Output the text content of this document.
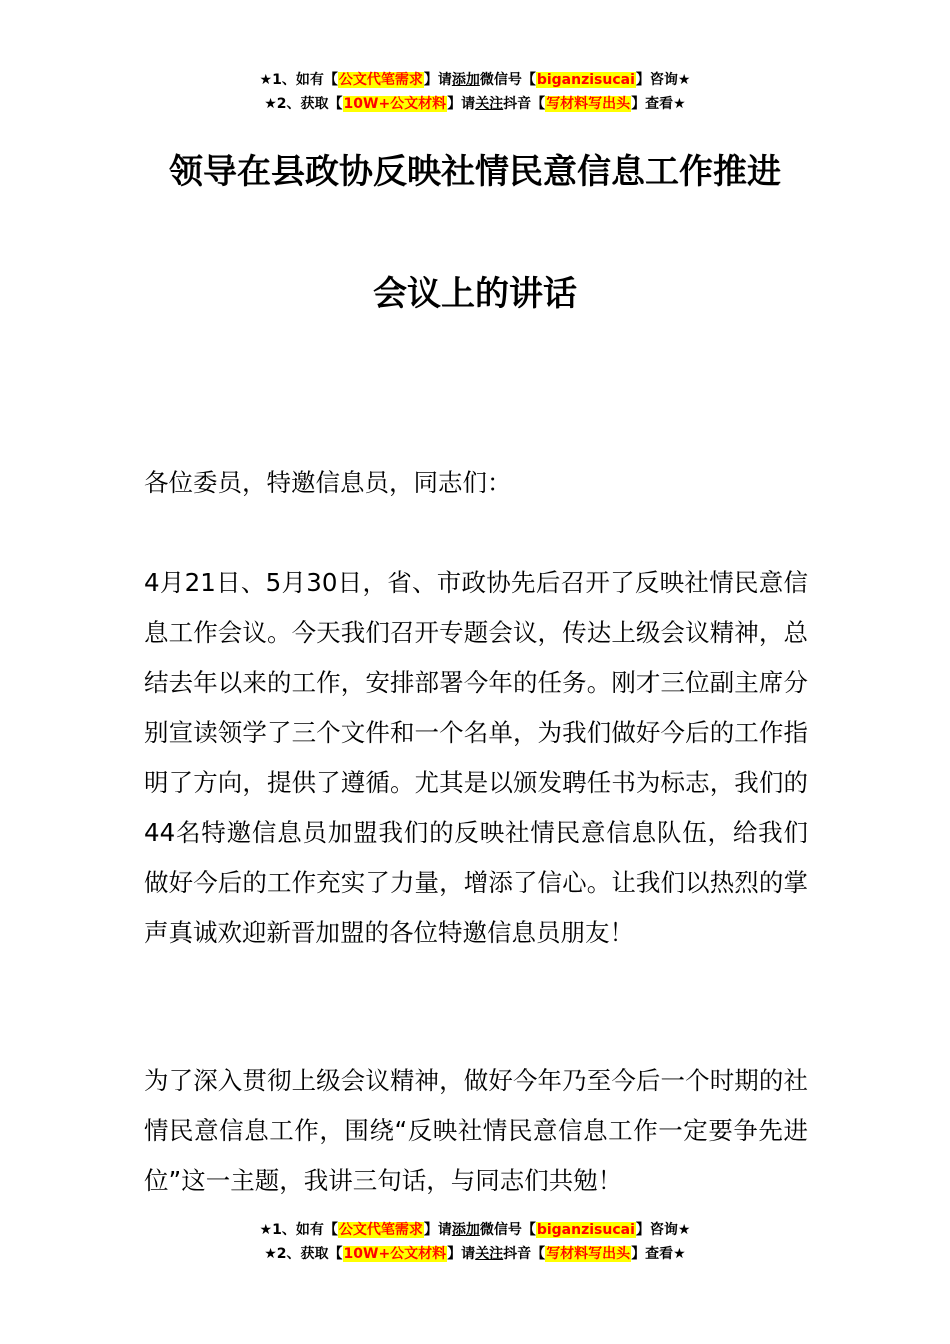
★1、如有【公文代笔需求】请添加微信号【biganzisucai】咨询★
★2、获取【10W+公文材料】请关注抖音【写材料写出头】查看★
领导在县政协反映社情民意信息工作推进
会议上的讲话

各位委员，特邀信息员，同志们：

4月21日、5月30日，省、市政协先后召开了反映社情民意信息工作会议。今天我们召开专题会议，传达上级会议精神，总结去年以来的工作，安排部署今年的任务。刚才三位副主席分别宣读领学了三个文件和一个名单，为我们做好今后的工作指明了方向，提供了遵循。尤其是以颁发聘任书为标志，我们的44名特邀信息员加盟我们的反映社情民意信息队伍，给我们做好今后的工作充实了力量，增添了信心。让我们以热烈的掌声真诚欢迎新晋加盟的各位特邀信息员朋友！

为了深入贯彻上级会议精神，做好今年乃至今后一个时期的社情民意信息工作，围绕“反映社情民意信息工作一定要争先进位”这一主题，我讲三句话，与同志们共勉！

★1、如有【公文代笔需求】请添加微信号【biganzisucai】咨询★
★2、获取【10W+公文材料】请关注抖音【写材料写出头】查看★
